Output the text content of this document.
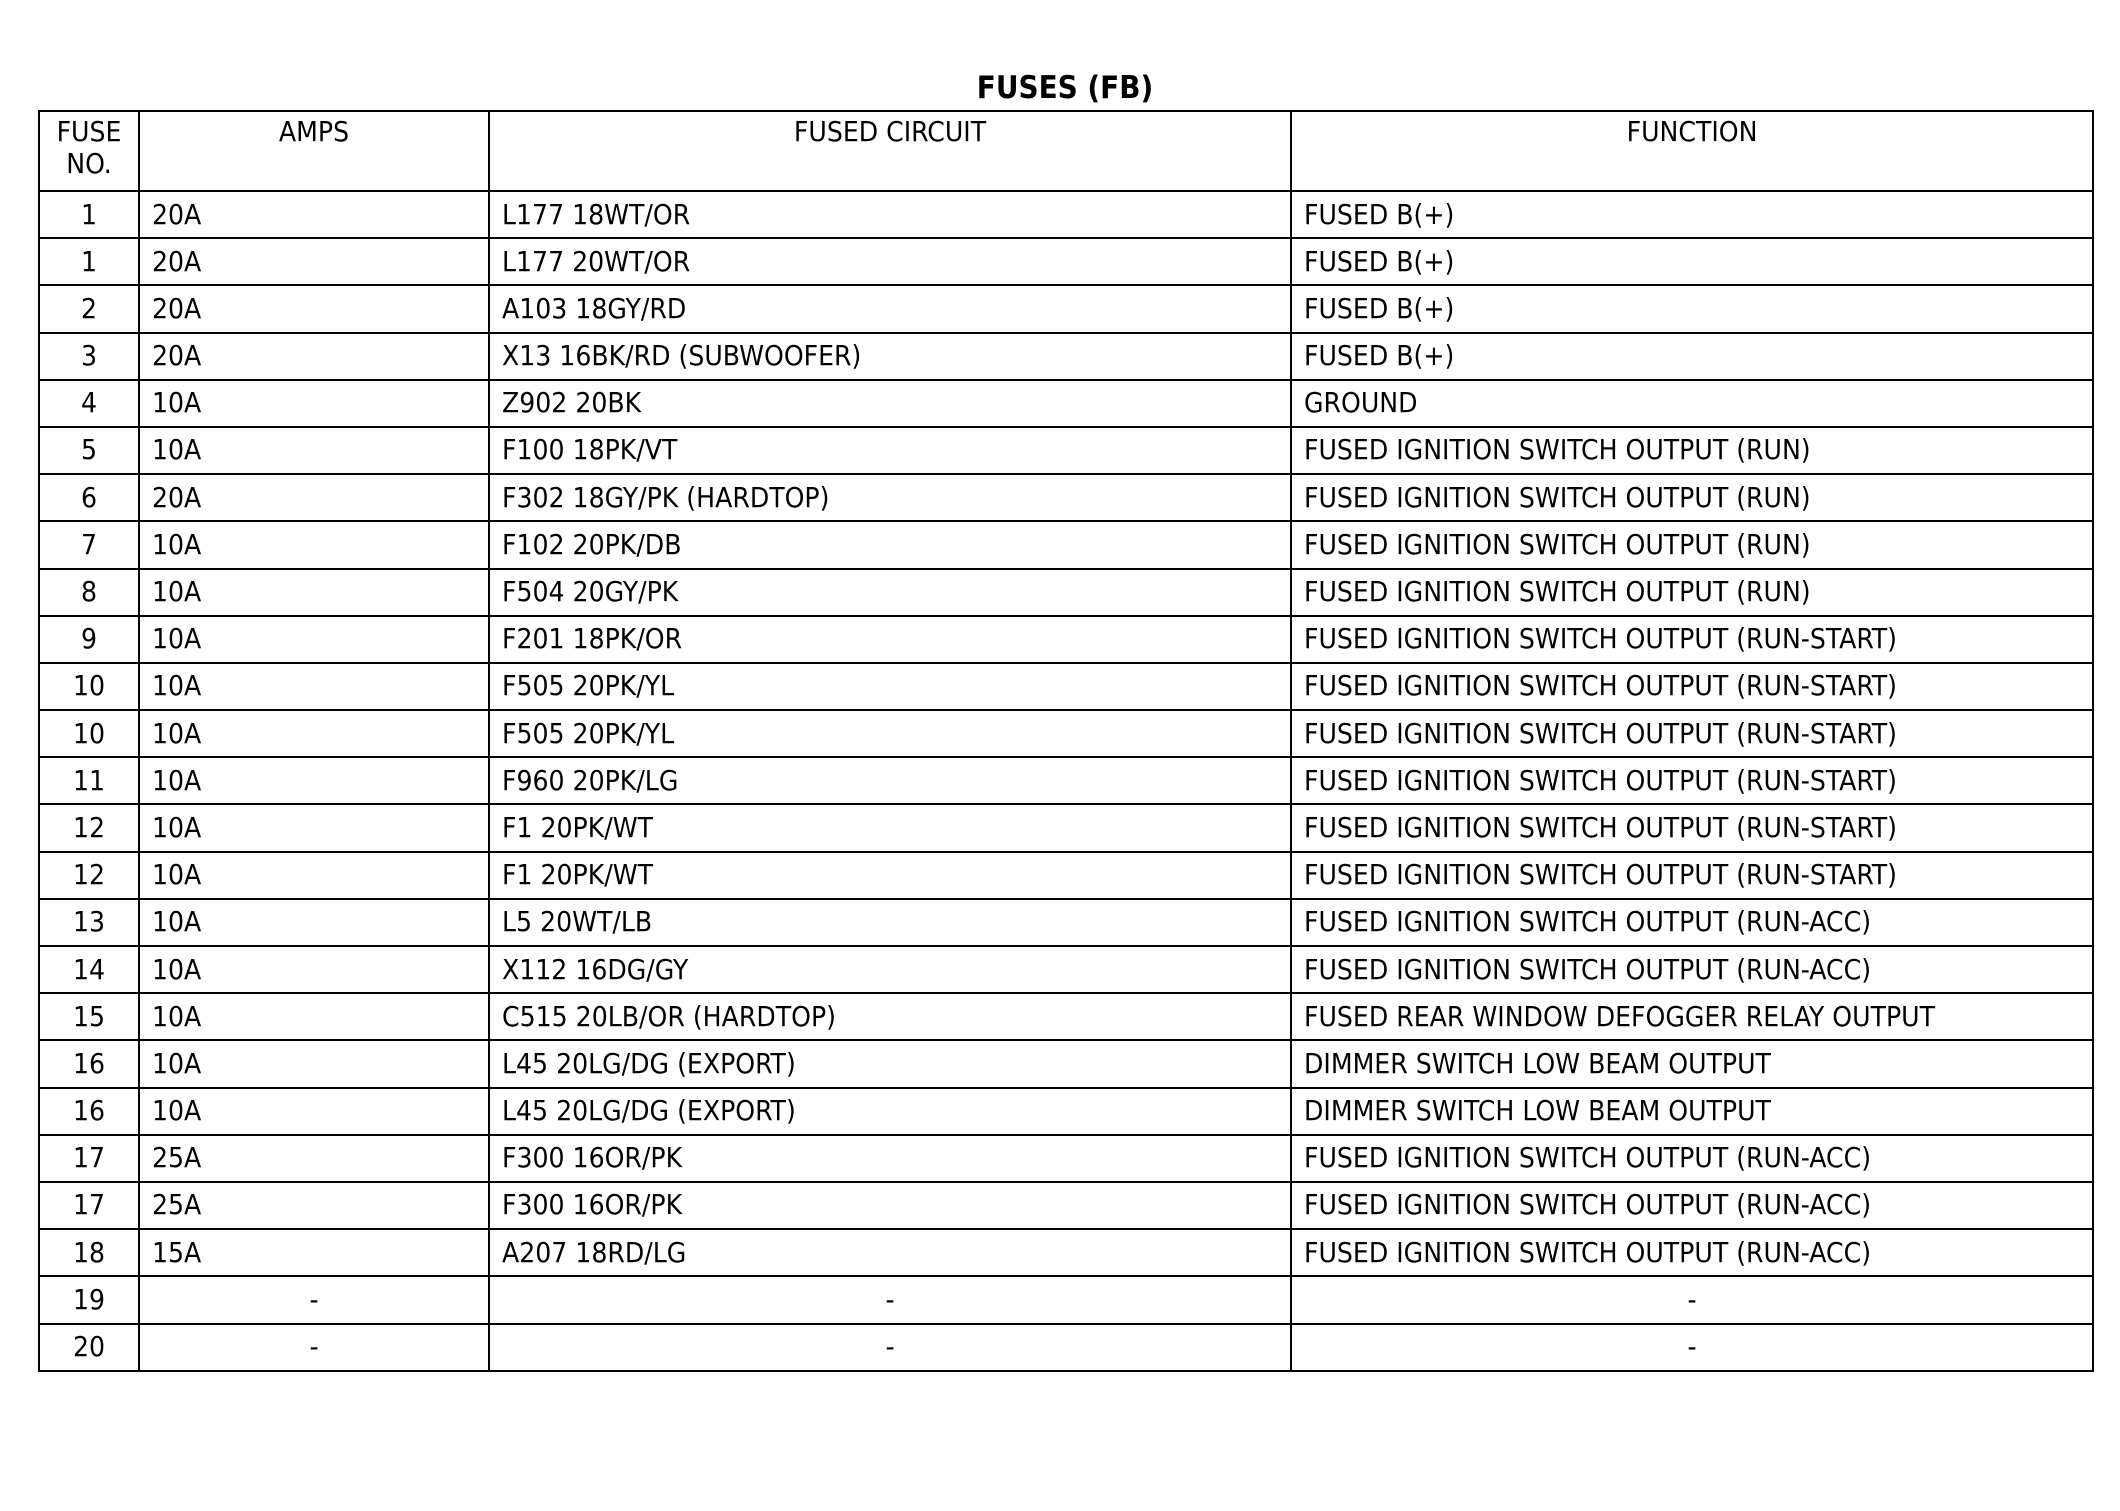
FUSES (FB)
FUSE
NO.	AMPS	FUSED CIRCUIT	FUNCTION
1	20A	L177 18WT/OR	FUSED B(+)
1	20A	L177 20WT/OR	FUSED B(+)
2	20A	A103 18GY/RD	FUSED B(+)
3	20A	X13 16BK/RD (SUBWOOFER)	FUSED B(+)
4	10A	Z902 20BK	GROUND
5	10A	F100 18PK/VT	FUSED IGNITION SWITCH OUTPUT (RUN)
6	20A	F302 18GY/PK (HARDTOP)	FUSED IGNITION SWITCH OUTPUT (RUN)
7	10A	F102 20PK/DB	FUSED IGNITION SWITCH OUTPUT (RUN)
8	10A	F504 20GY/PK	FUSED IGNITION SWITCH OUTPUT (RUN)
9	10A	F201 18PK/OR	FUSED IGNITION SWITCH OUTPUT (RUN-START)
10	10A	F505 20PK/YL	FUSED IGNITION SWITCH OUTPUT (RUN-START)
10	10A	F505 20PK/YL	FUSED IGNITION SWITCH OUTPUT (RUN-START)
11	10A	F960 20PK/LG	FUSED IGNITION SWITCH OUTPUT (RUN-START)
12	10A	F1 20PK/WT	FUSED IGNITION SWITCH OUTPUT (RUN-START)
12	10A	F1 20PK/WT	FUSED IGNITION SWITCH OUTPUT (RUN-START)
13	10A	L5 20WT/LB	FUSED IGNITION SWITCH OUTPUT (RUN-ACC)
14	10A	X112 16DG/GY	FUSED IGNITION SWITCH OUTPUT (RUN-ACC)
15	10A	C515 20LB/OR (HARDTOP)	FUSED REAR WINDOW DEFOGGER RELAY OUTPUT
16	10A	L45 20LG/DG (EXPORT)	DIMMER SWITCH LOW BEAM OUTPUT
16	10A	L45 20LG/DG (EXPORT)	DIMMER SWITCH LOW BEAM OUTPUT
17	25A	F300 16OR/PK	FUSED IGNITION SWITCH OUTPUT (RUN-ACC)
17	25A	F300 16OR/PK	FUSED IGNITION SWITCH OUTPUT (RUN-ACC)
18	15A	A207 18RD/LG	FUSED IGNITION SWITCH OUTPUT (RUN-ACC)
19	-	-	-
20	-	-	-
